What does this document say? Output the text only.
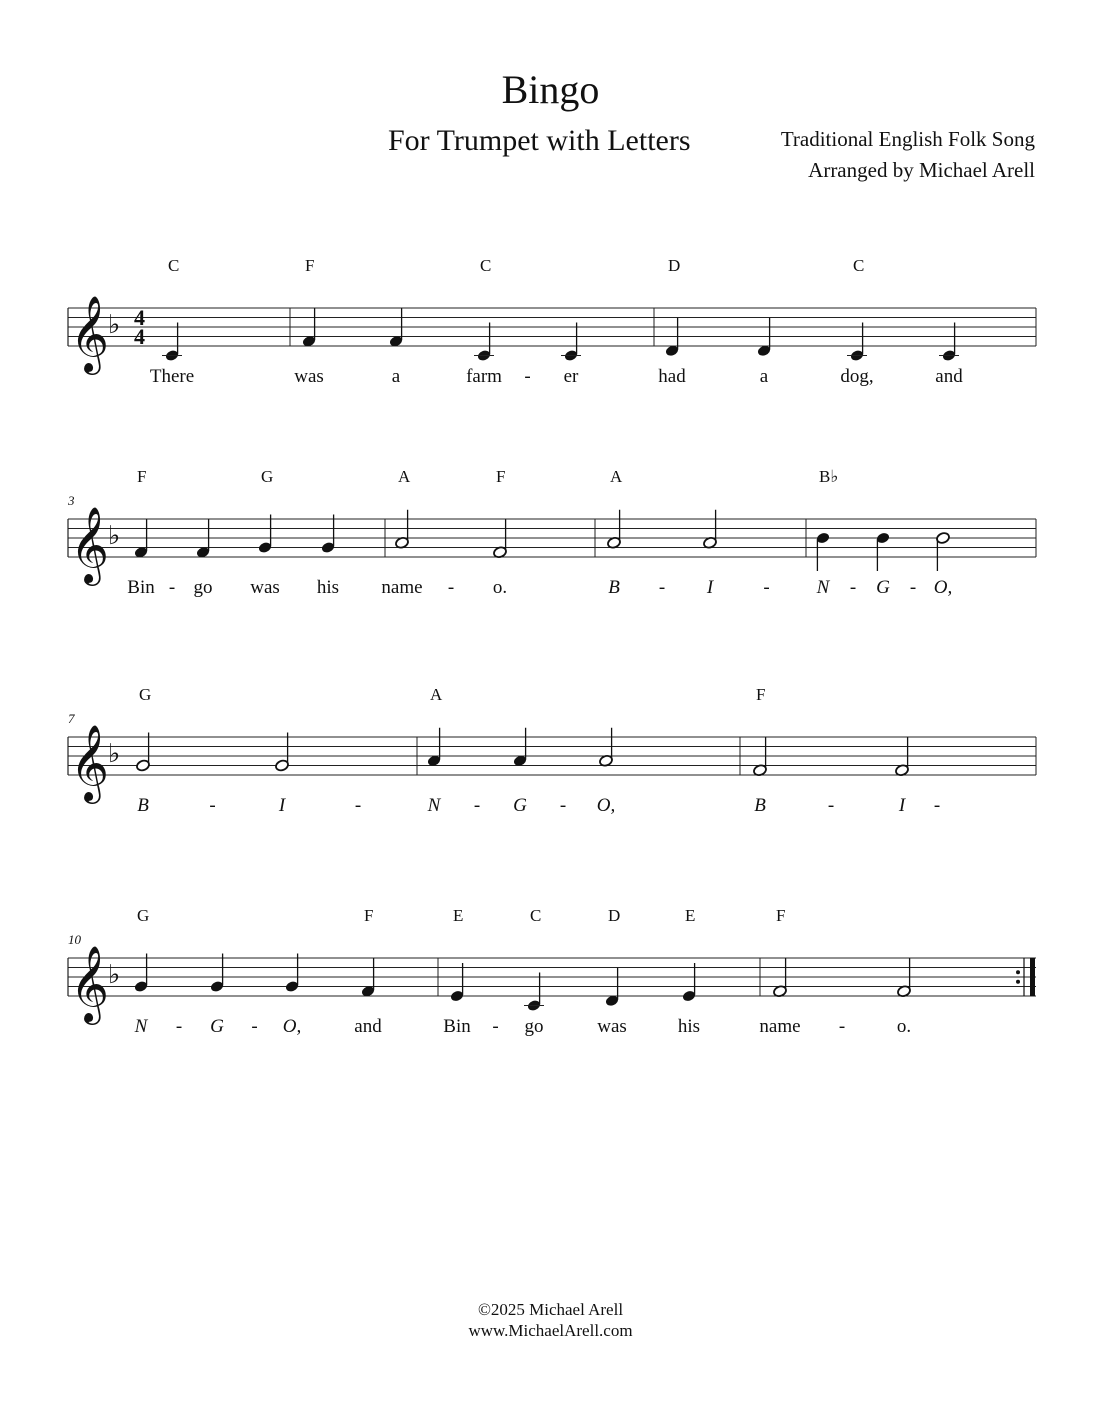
Bingo
For Trumpet with Letters	Traditional English Folk Song
Arranged by Michael Arell
𝄞
♭ 4
4
C
There
F
was	a
C
farm	er
D
had	a
C
dog,	and
-
𝄞
♭
3
F
Bin go
G
was his
A
name
F
o.
A
B	I
B♭
N G O,
-	-	-	-	-	-
𝄞
♭
7
G
B	I
A
N	G	O,
F
B	I
-	-	-	-	-	-
𝄞
♭
10
G
N	G	O,
F
and
E
Bin
C
go
D
was
E
his
F
name	o.
-	-	-	-
©2025 Michael Arell
www.MichaelArell.com
